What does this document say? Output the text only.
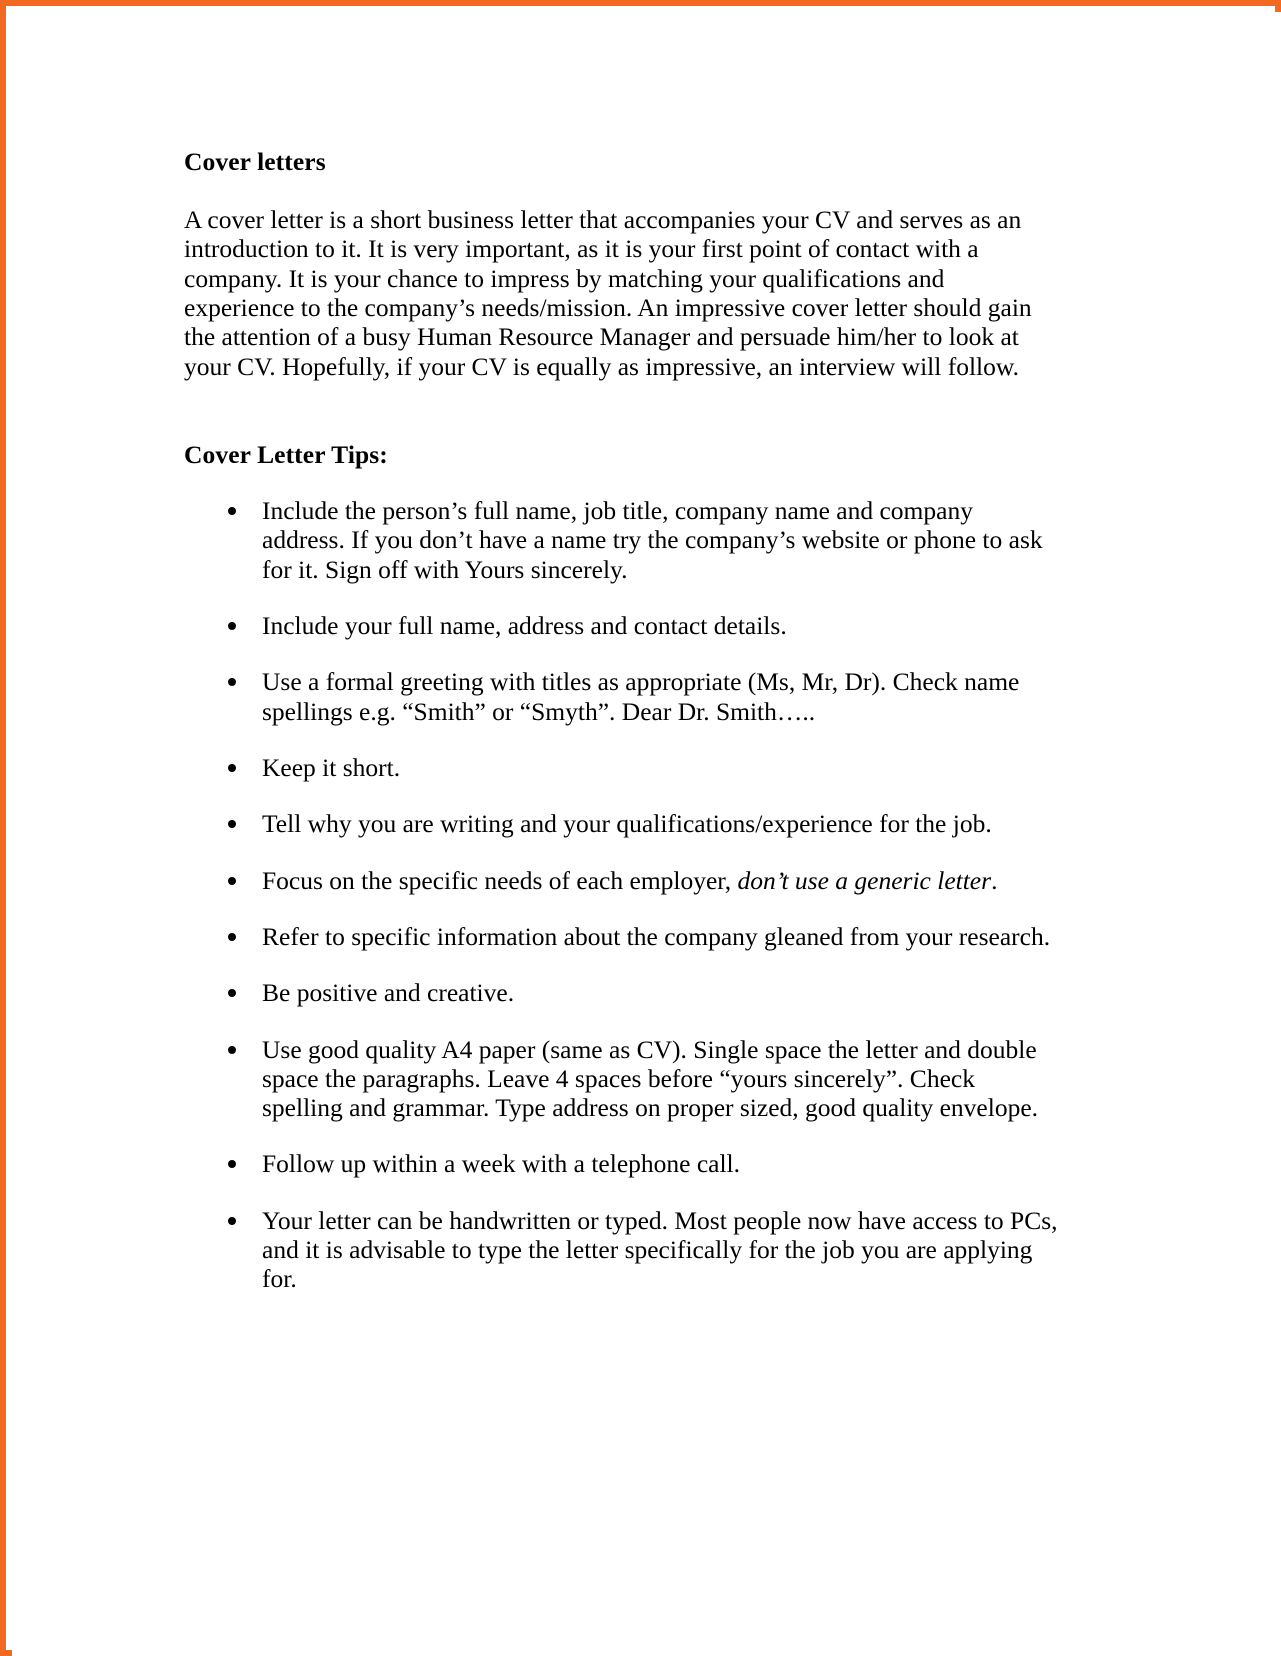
Cover letters

A cover letter is a short business letter that accompanies your CV and serves as an introduction to it. It is very important, as it is your first point of contact with a company. It is your chance to impress by matching your qualifications and experience to the company’s needs/mission. An impressive cover letter should gain the attention of a busy Human Resource Manager and persuade him/her to look at your CV. Hopefully, if your CV is equally as impressive, an interview will follow.

Cover Letter Tips:
Include the person’s full name, job title, company name and company address. If you don’t have a name try the company’s website or phone to ask for it. Sign off with Yours sincerely.
Include your full name, address and contact details.
Use a formal greeting with titles as appropriate (Ms, Mr, Dr). Check name spellings e.g. “Smith” or “Smyth”. Dear Dr. Smith…..
Keep it short.
Tell why you are writing and your qualifications/experience for the job.
Focus on the specific needs of each employer, don’t use a generic letter.
Refer to specific information about the company gleaned from your research.
Be positive and creative.
Use good quality A4 paper (same as CV). Single space the letter and double space the paragraphs. Leave 4 spaces before “yours sincerely”. Check spelling and grammar. Type address on proper sized, good quality envelope.
Follow up within a week with a telephone call.
Your letter can be handwritten or typed. Most people now have access to PCs, and it is advisable to type the letter specifically for the job you are applying for.
